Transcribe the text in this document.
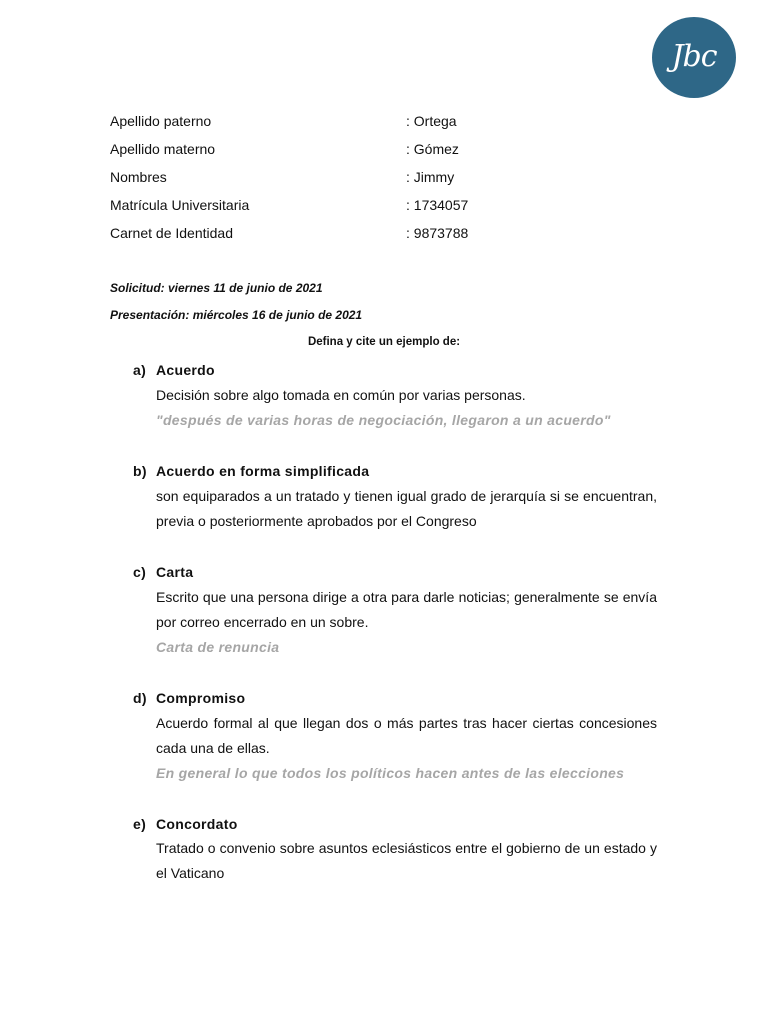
Jbc
Apellido paterno	: Ortega
Apellido materno	: Gómez
Nombres	: Jimmy
Matrícula Universitaria	: 1734057
Carnet de Identidad	: 9873788
Solicitud: viernes 11 de junio de 2021
Presentación: miércoles 16 de junio de 2021
Defina y cite un ejemplo de:
a) Acuerdo
Decisión sobre algo tomada en común por varias personas.
"después de varias horas de negociación, llegaron a un acuerdo"
b) Acuerdo en forma simplificada
son equiparados a un tratado y tienen igual grado de jerarquía si se encuentran, previa o posteriormente aprobados por el Congreso
c) Carta
Escrito que una persona dirige a otra para darle noticias; generalmente se envía por correo encerrado en un sobre.
Carta de renuncia
d) Compromiso
Acuerdo formal al que llegan dos o más partes tras hacer ciertas concesiones cada una de ellas.
En general lo que todos los políticos hacen antes de las elecciones
e) Concordato
Tratado o convenio sobre asuntos eclesiásticos entre el gobierno de un estado y el Vaticano
